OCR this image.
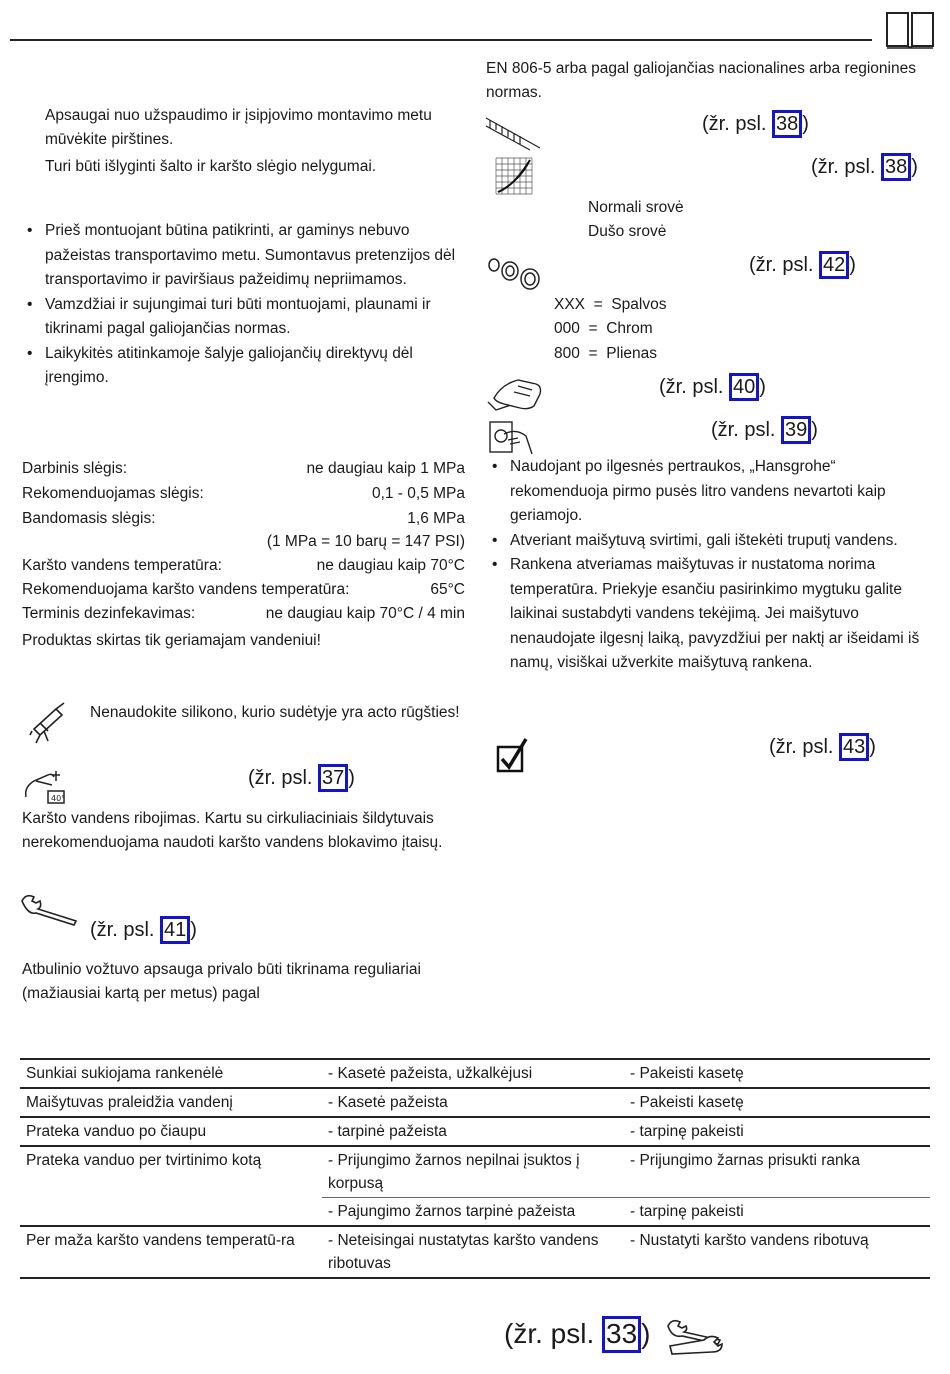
Apsaugai nuo užspaudimo ir įsipjovimo montavimo metu mūvėkite pirštines.
Turi būti išlyginti šalto ir karšto slėgio nelygumai.
• Prieš montuojant būtina patikrinti, ar gaminys nebuvo pažeistas transportavimo metu. Sumontavus pretenzijos dėl transportavimo ir paviršiaus pažeidimų nepriimamos.
• Vamzdžiai ir sujungimai turi būti montuojami, plaunami ir tikrinami pagal galiojančias normas.
• Laikykitės atitinkamoje šalyje galiojančių direktyvų dėl įrengimo.
Darbinis slėgis:	ne daugiau kaip 1 MPa
Rekomenduojamas slėgis:	0,1 - 0,5 MPa
Bandomasis slėgis:	1,6 MPa
(1 MPa = 10 barų = 147 PSI)
Karšto vandens temperatūra:	ne daugiau kaip 70°C
Rekomenduojama karšto vandens temperatūra:	65°C
Terminis dezinfekavimas:	ne daugiau kaip 70°C / 4 min
Produktas skirtas tik geriamajam vandeniui!
Nenaudokite silikono, kurio sudėtyje yra acto rūgšties!
40°
(žr. psl. 37 )
Karšto vandens ribojimas. Kartu su cirkuliaciniais šildytuvais nerekomenduojama naudoti karšto vandens blokavimo įtaisų.
(žr. psl. 41 )
Atbulinio vožtuvo apsauga privalo būti tikrinama reguliariai (mažiausiai kartą per metus) pagal
EN 806-5 arba pagal galiojančias nacionalines arba regionines normas.
(žr. psl. 38 )
(žr. psl. 38 )
Normali srovė
Dušo srovė
(žr. psl. 42 )
XXX = Spalvos
000 = Chrom
800 = Plienas
(žr. psl. 40 )
(žr. psl. 39 )
• Naudojant po ilgesnės pertraukos, „Hansgrohe“ rekomenduoja pirmo pusės litro vandens nevartoti kaip geriamojo.
• Atveriant maišytuvą svirtimi, gali ištekėti truputį vandens.
• Rankena atveriamas maišytuvas ir nustatoma norima temperatūra. Priekyje esančiu pasirinkimo mygtuku galite laikinai sustabdyti vandens tekėjimą. Jei maišytuvo nenaudojate ilgesnį laiką, pavyzdžiui per naktį ar išeidami iš namų, visiškai užverkite maišytuvą rankena.
(žr. psl. 43 )
Sunkiai sukiojama rankenėlė	- Kasetė pažeista, užkalkėjusi	- Pakeisti kasetę
Maišytuvas praleidžia vandenį	- Kasetė pažeista	- Pakeisti kasetę
Prateka vanduo po čiaupu	- tarpinė pažeista	- tarpinę pakeisti
Prateka vanduo per tvirtinimo kotą	- Prijungimo žarnos nepilnai įsuktos į korpusą	- Prijungimo žarnas prisukti ranka
	- Pajungimo žarnos tarpinė pažeista	- tarpinę pakeisti
Per maža karšto vandens temperatū-ra	- Neteisingai nustatytas karšto vandens ribotuvas	- Nustatyti karšto vandens ribotuvą
(žr. psl. 33 )
